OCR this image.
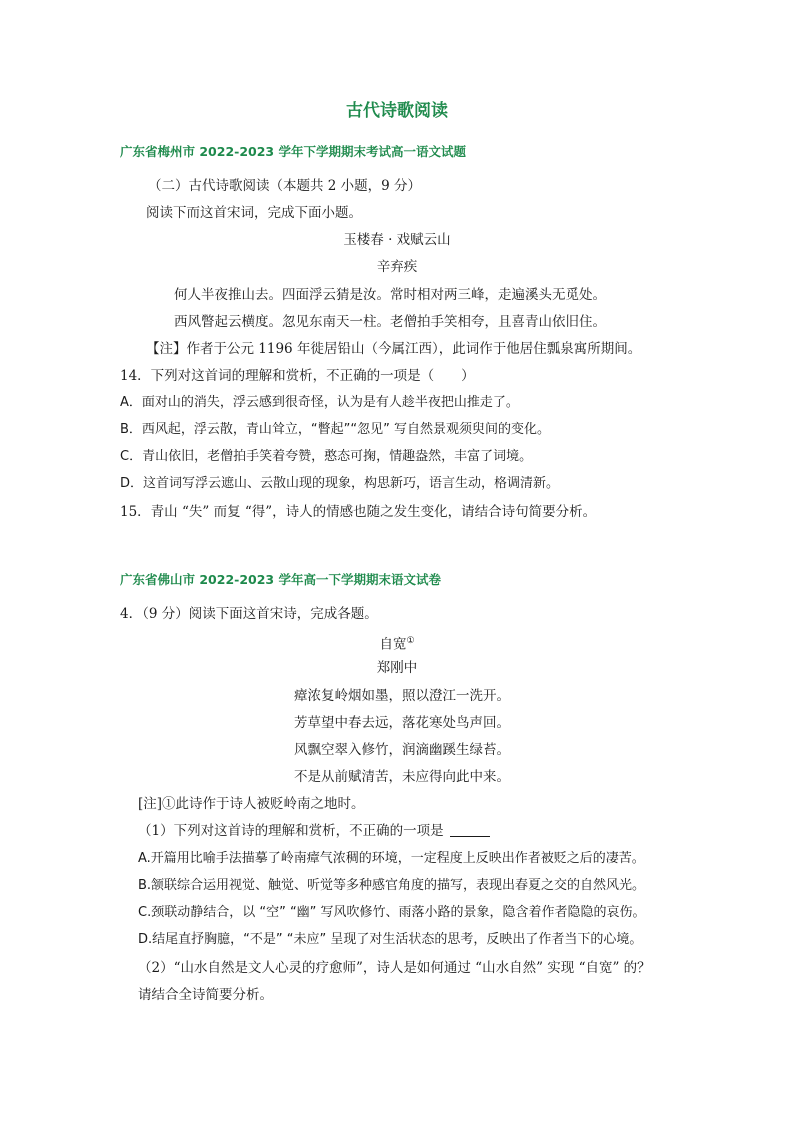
古代诗歌阅读
广东省梅州市 2022-2023 学年下学期期末考试高一语文试题
（二）古代诗歌阅读（本题共 2 小题，9 分）
阅读下而这首宋词，完成下面小题。
玉楼春 · 戏赋云山
辛弃疾
何人半夜推山去。四面浮云猜是汝。常时相对两三峰，走遍溪头无觅处。
西风瞥起云横度。忽见东南天一柱。老僧拍手笑相夸，且喜青山依旧住。
【注】作者于公元 1196 年徙居铅山（今属江西），此词作于他居住瓢泉寓所期间。
14．下列对这首词的理解和赏析，不正确的一项是（　　）
A．面对山的消失，浮云感到很奇怪，认为是有人趁半夜把山推走了。
B．西风起，浮云散，青山耸立，“瞥起”“忽见” 写自然景观须臾间的变化。
C．青山依旧，老僧拍手笑着夸赞，憨态可掬，情趣盎然，丰富了词境。
D．这首词写浮云遮山、云散山现的现象，构思新巧，语言生动，格调清新。
15．青山 “失” 而复 “得”，诗人的情感也随之发生变化，请结合诗句简要分析。
广东省佛山市 2022-2023 学年高一下学期期末语文试卷
4．（9 分）阅读下面这首宋诗，完成各题。
自宽①
郑刚中
瘴浓复岭烟如墨，照以澄江一洗开。
芳草望中春去远，落花寒处鸟声回。
风飘空翠入修竹，润滴幽蹊生绿苔。
不是从前赋清苦，未应得向此中来。
[注]①此诗作于诗人被贬岭南之地时。
（1）下列对这首诗的理解和赏析，不正确的一项是
A.开篇用比喻手法描摹了岭南瘴气浓稠的环境，一定程度上反映出作者被贬之后的凄苦。
B.颔联综合运用视觉、触觉、听觉等多种感官角度的描写，表现出春夏之交的自然风光。
C.颈联动静结合，以 “空” “幽” 写风吹修竹、雨落小路的景象，隐含着作者隐隐的哀伤。
D.结尾直抒胸臆，“不是” “未应” 呈现了对生活状态的思考，反映出了作者当下的心境。
（2）“山水自然是文人心灵的疗愈师”，诗人是如何通过 “山水自然” 实现 “自宽” 的？
请结合全诗简要分析。
